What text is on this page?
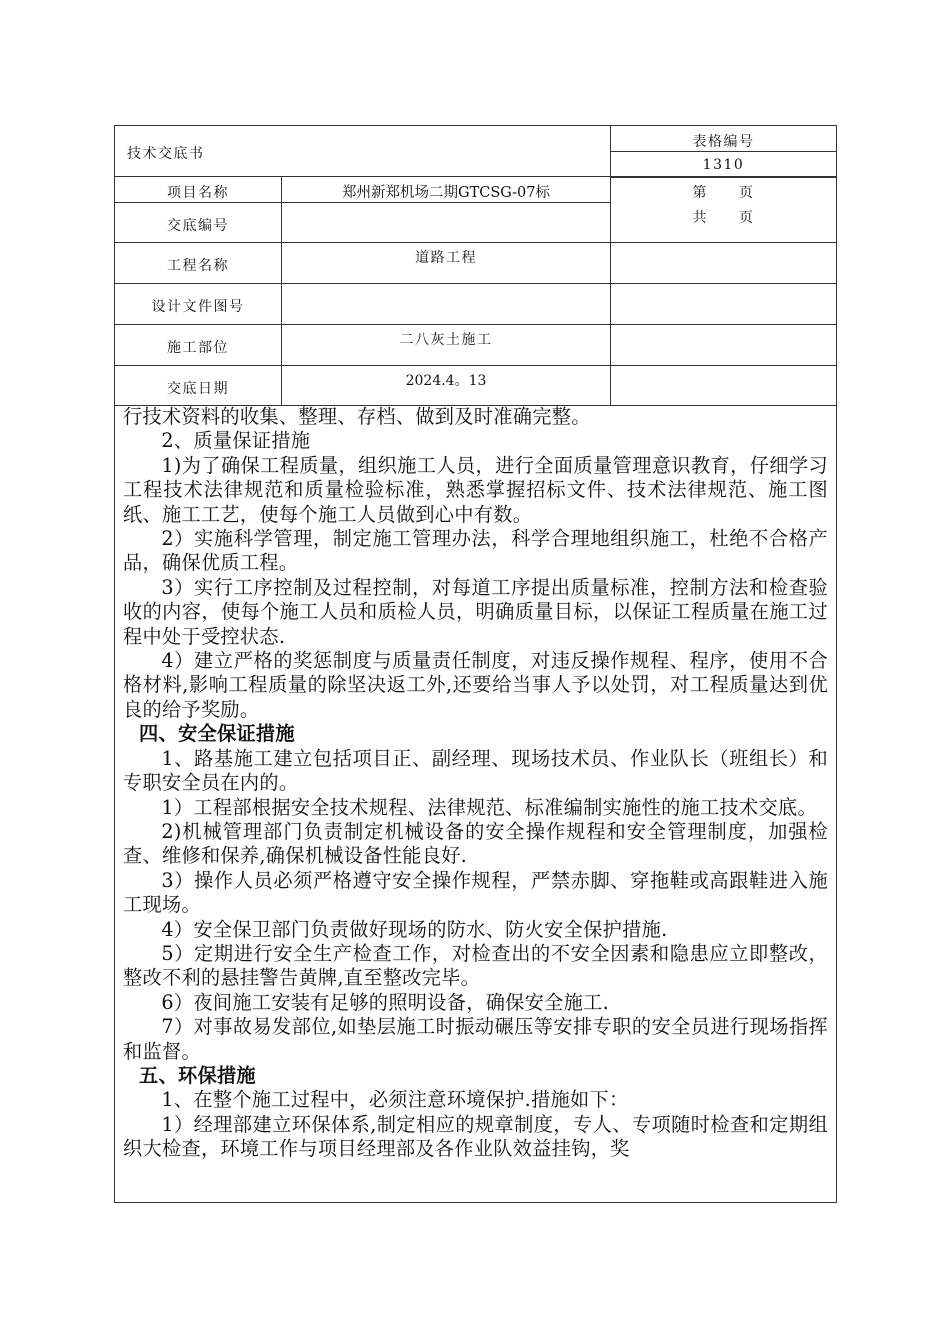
技术交底书
表格编号
1310
项目名称	郑州新郑机场二期GTCSG-07标	第　　页
共　　页
交底编号
工程名称	道路工程
设计文件图号
施工部位	二八灰土施工
交底日期	2024.4。13

行技术资料的收集、整理、存档、做到及时准确完整。

2、质量保证措施

1)为了确保工程质量，组织施工人员，进行全面质量管理意识教育，仔细学习工程技术法律规范和质量检验标准，熟悉掌握招标文件、技术法律规范、施工图纸、施工工艺，使每个施工人员做到心中有数。

2）实施科学管理，制定施工管理办法，科学合理地组织施工，杜绝不合格产品，确保优质工程。

3）实行工序控制及过程控制，对每道工序提出质量标准，控制方法和检查验收的内容，使每个施工人员和质检人员，明确质量目标，以保证工程质量在施工过程中处于受控状态.

4）建立严格的奖惩制度与质量责任制度，对违反操作规程、程序，使用不合格材料,影响工程质量的除坚决返工外,还要给当事人予以处罚，对工程质量达到优良的给予奖励。

四、安全保证措施

1、路基施工建立包括项目正、副经理、现场技术员、作业队长（班组长）和专职安全员在内的。

1）工程部根据安全技术规程、法律规范、标准编制实施性的施工技术交底。

2)机械管理部门负责制定机械设备的安全操作规程和安全管理制度，加强检查、维修和保养,确保机械设备性能良好.

3）操作人员必须严格遵守安全操作规程，严禁赤脚、穿拖鞋或高跟鞋进入施工现场。

4）安全保卫部门负责做好现场的防水、防火安全保护措施.

5）定期进行安全生产检查工作，对检查出的不安全因素和隐患应立即整改，整改不利的悬挂警告黄牌,直至整改完毕。

6）夜间施工安装有足够的照明设备，确保安全施工.

7）对事故易发部位,如垫层施工时振动碾压等安排专职的安全员进行现场指挥和监督。

五、环保措施

1、在整个施工过程中，必须注意环境保护.措施如下：

1）经理部建立环保体系,制定相应的规章制度，专人、专项随时检查和定期组织大检查，环境工作与项目经理部及各作业队效益挂钩，奖
